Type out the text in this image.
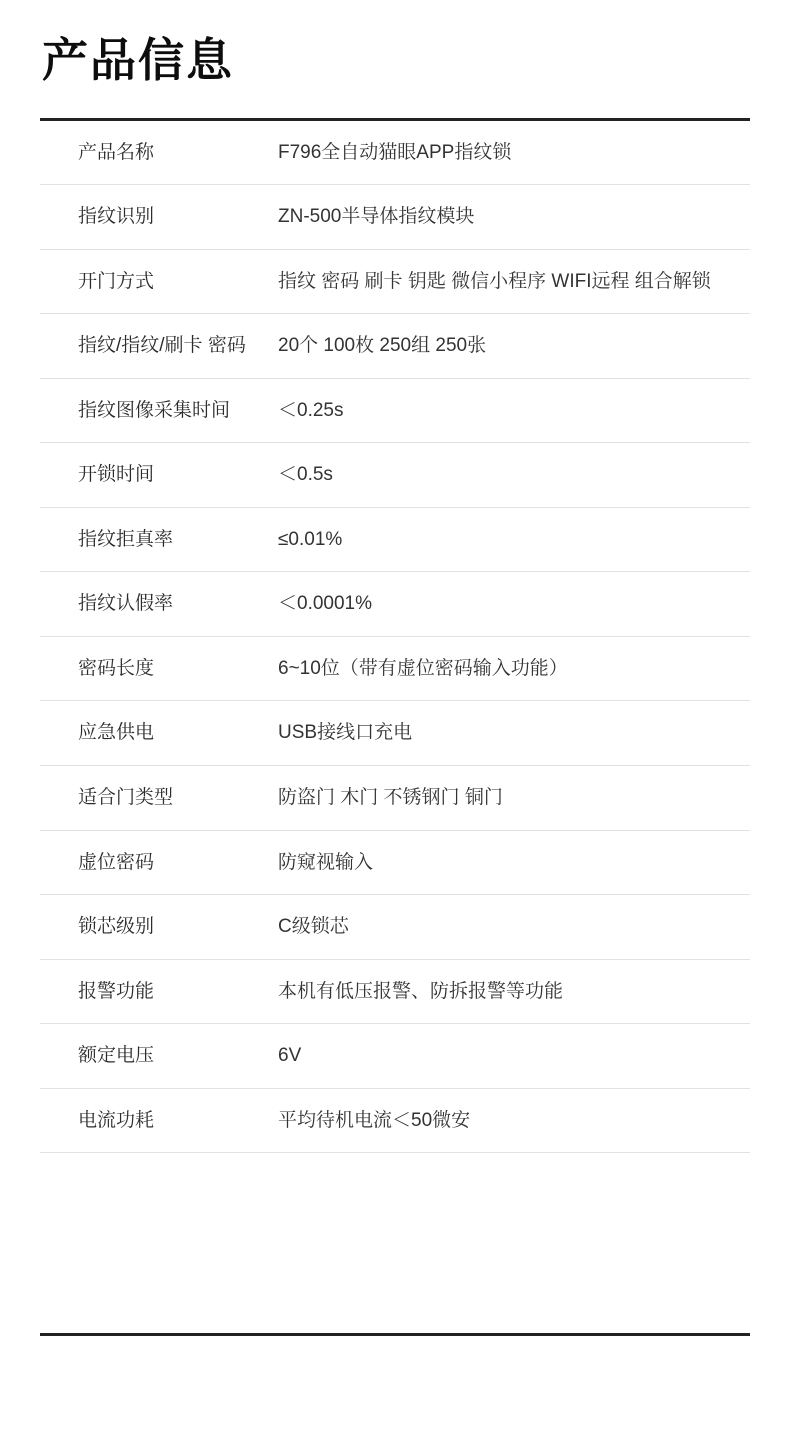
产品信息
产品名称	F796全自动猫眼APP指纹锁
指纹识别	ZN-500半导体指纹模块
开门方式	指纹 密码 刷卡 钥匙 微信小程序 WIFI远程 组合解锁
指纹/指纹/刷卡 密码	20个 100枚 250组 250张
指纹图像采集时间	＜0.25s
开锁时间	＜0.5s
指纹拒真率	≤0.01%
指纹认假率	＜0.0001%
密码长度	6~10位（带有虚位密码输入功能）
应急供电	USB接线口充电
适合门类型	防盗门 木门 不锈钢门 铜门
虚位密码	防窥视输入
锁芯级别	C级锁芯
报警功能	本机有低压报警、防拆报警等功能
额定电压	6V
电流功耗	平均待机电流＜50微安
